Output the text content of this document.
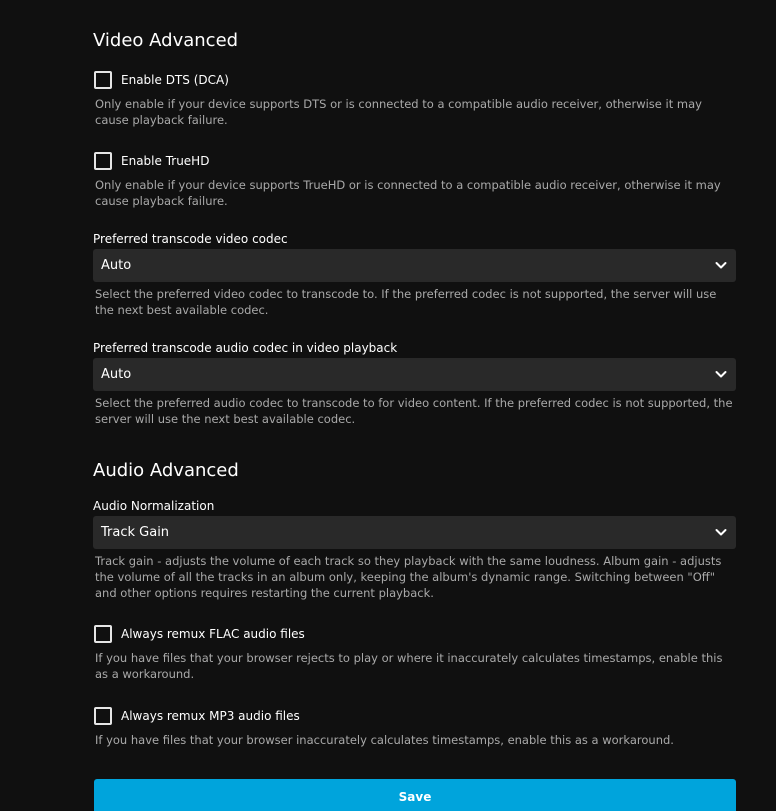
Video Advanced
Enable DTS (DCA)
Only enable if your device supports DTS or is connected to a compatible audio receiver, otherwise it may cause playback failure.
Enable TrueHD
Only enable if your device supports TrueHD or is connected to a compatible audio receiver, otherwise it may cause playback failure.
Preferred transcode video codec
Auto
Select the preferred video codec to transcode to. If the preferred codec is not supported, the server will use the next best available codec.
Preferred transcode audio codec in video playback
Auto
Select the preferred audio codec to transcode to for video content. If the preferred codec is not supported, the server will use the next best available codec.
Audio Advanced
Audio Normalization
Track Gain
Track gain - adjusts the volume of each track so they playback with the same loudness. Album gain - adjusts the volume of all the tracks in an album only, keeping the album's dynamic range. Switching between "Off" and other options requires restarting the current playback.
Always remux FLAC audio files
If you have files that your browser rejects to play or where it inaccurately calculates timestamps, enable this as a workaround.
Always remux MP3 audio files
If you have files that your browser inaccurately calculates timestamps, enable this as a workaround.
Save
